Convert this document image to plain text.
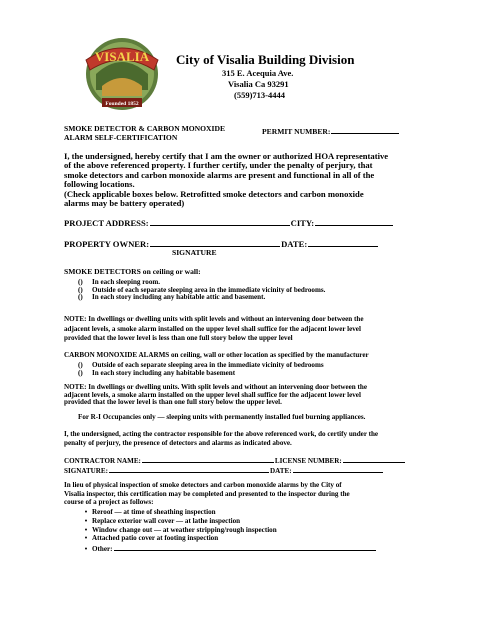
VISALIA
Founded 1852
City of Visalia Building Division
315 E. Acequia Ave.
Visalia Ca 93291
(559)713-4444
SMOKE DETECTOR & CARBON MONOXIDE
ALARM SELF-CERTIFICATION
PERMIT NUMBER:
I, the undersigned, hereby certify that I am the owner or authorized HOA representative
of the above referenced property. I further certify, under the penalty of perjury, that
smoke detectors and carbon monoxide alarms are present and functional in all of the
following locations.
(Check applicable boxes below. Retrofitted smoke detectors and carbon monoxide
alarms may be battery operated)
PROJECT ADDRESS:	CITY:
PROPERTY OWNER:	DATE:
SIGNATURE
SMOKE DETECTORS on ceiling or wall:
() In each sleeping room.
() Outside of each separate sleeping area in the immediate vicinity of bedrooms.
() In each story including any habitable attic and basement.
NOTE: In dwellings or dwelling units with split levels and without an intervening door between the
adjacent levels, a smoke alarm installed on the upper level shall suffice for the adjacent lower level
provided that the lower level is less than one full story below the upper level
CARBON MONOXIDE ALARMS on ceiling, wall or other location as specified by the manufacturer
() Outside of each separate sleeping area in the immediate vicinity of bedrooms
() In each story including any habitable basement
NOTE: In dwellings or dwelling units. With split levels and without an intervening door between the
adjacent levels, a smoke alarm installed on the upper level shall suffice for the adjacent lower level
provided that the lower level is than one full story below the upper level.
For R-I Occupancies only — sleeping units with permanently installed fuel burning appliances.
I, the undersigned, acting the contractor responsible for the above referenced work, do certify under the
penalty of perjury, the presence of detectors and alarms as indicated above.
CONTRACTOR NAME:	LICENSE NUMBER:
SIGNATURE:	DATE:
In lieu of physical inspection of smoke detectors and carbon monoxide alarms by the City of
Visalia inspector, this certification may be completed and presented to the inspector during the
course of a project as follows:
• Reroof — at time of sheathing inspection
• Replace exterior wall cover — at lathe inspection
• Window change out — at weather stripping/rough inspection
• Attached patio cover at footing inspection
• Other:
